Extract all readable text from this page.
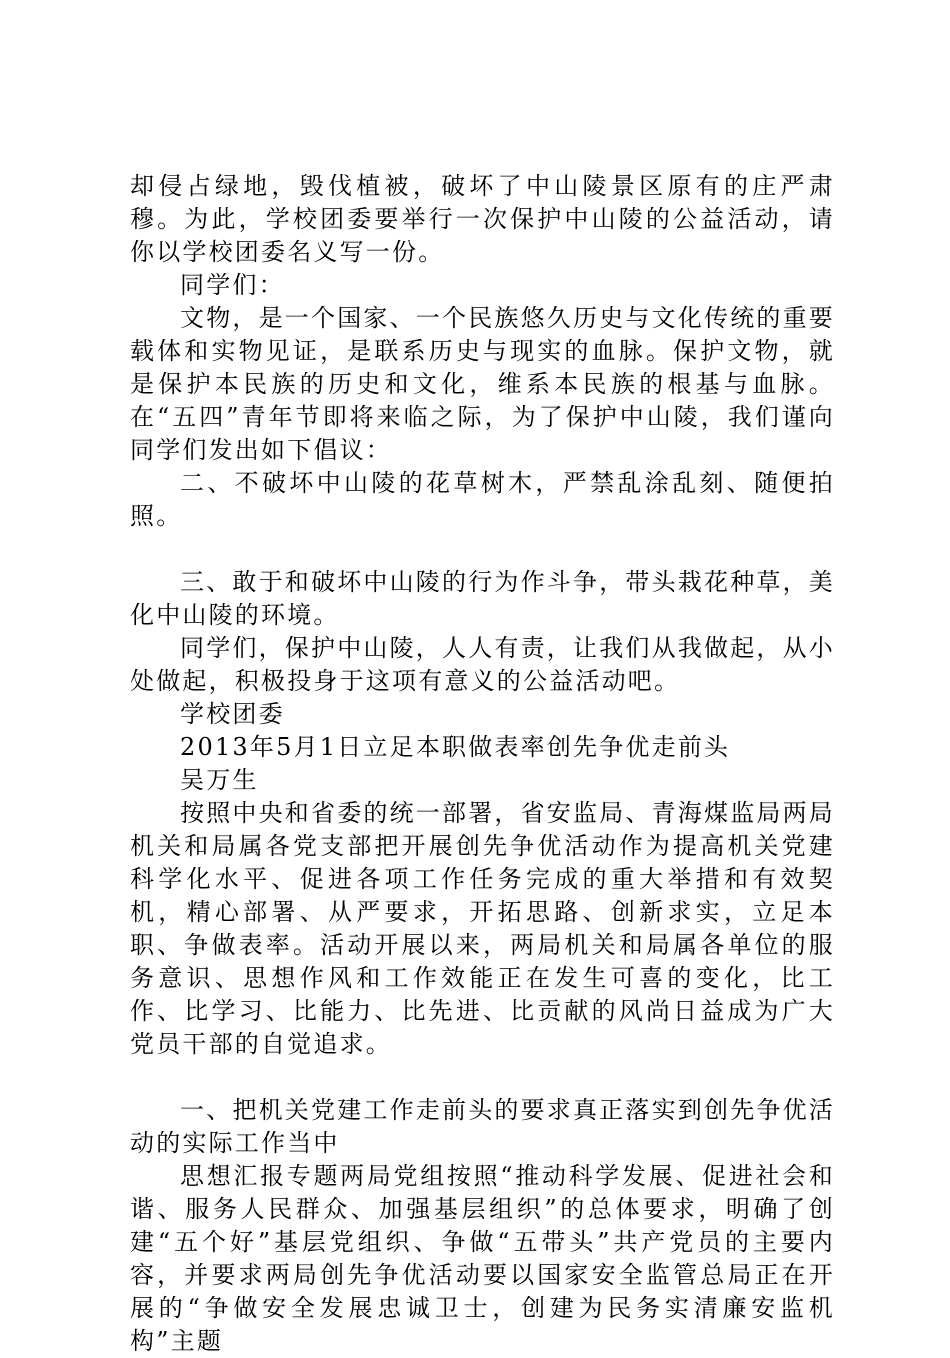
却侵占绿地，毁伐植被，破坏了中山陵景区原有的庄严肃穆。为此，学校团委要举行一次保护中山陵的公益活动，请你以学校团委名义写一份。

同学们：

文物，是一个国家、一个民族悠久历史与文化传统的重要载体和实物见证，是联系历史与现实的血脉。保护文物，就是保护本民族的历史和文化，维系本民族的根基与血脉。在“五四”青年节即将来临之际，为了保护中山陵，我们谨向同学们发出如下倡议：

二、不破坏中山陵的花草树木，严禁乱涂乱刻、随便拍照。

三、敢于和破坏中山陵的行为作斗争，带头栽花种草，美化中山陵的环境。

同学们，保护中山陵，人人有责，让我们从我做起，从小处做起，积极投身于这项有意义的公益活动吧。

学校团委

2013年5月1日立足本职做表率创先争优走前头

吴万生

按照中央和省委的统一部署，省安监局、青海煤监局两局机关和局属各党支部把开展创先争优活动作为提高机关党建科学化水平、促进各项工作任务完成的重大举措和有效契机，精心部署、从严要求，开拓思路、创新求实，立足本职、争做表率。活动开展以来，两局机关和局属各单位的服务意识、思想作风和工作效能正在发生可喜的变化，比工作、比学习、比能力、比先进、比贡献的风尚日益成为广大党员干部的自觉追求。

一、把机关党建工作走前头的要求真正落实到创先争优活动的实际工作当中

思想汇报专题两局党组按照“推动科学发展、促进社会和谐、服务人民群众、加强基层组织”的总体要求，明确了创建“五个好”基层党组织、争做“五带头”共产党员的主要内容，并要求两局创先争优活动要以国家安全监管总局正在开展的“争做安全发展忠诚卫士，创建为民务实清廉安监机构”主题
